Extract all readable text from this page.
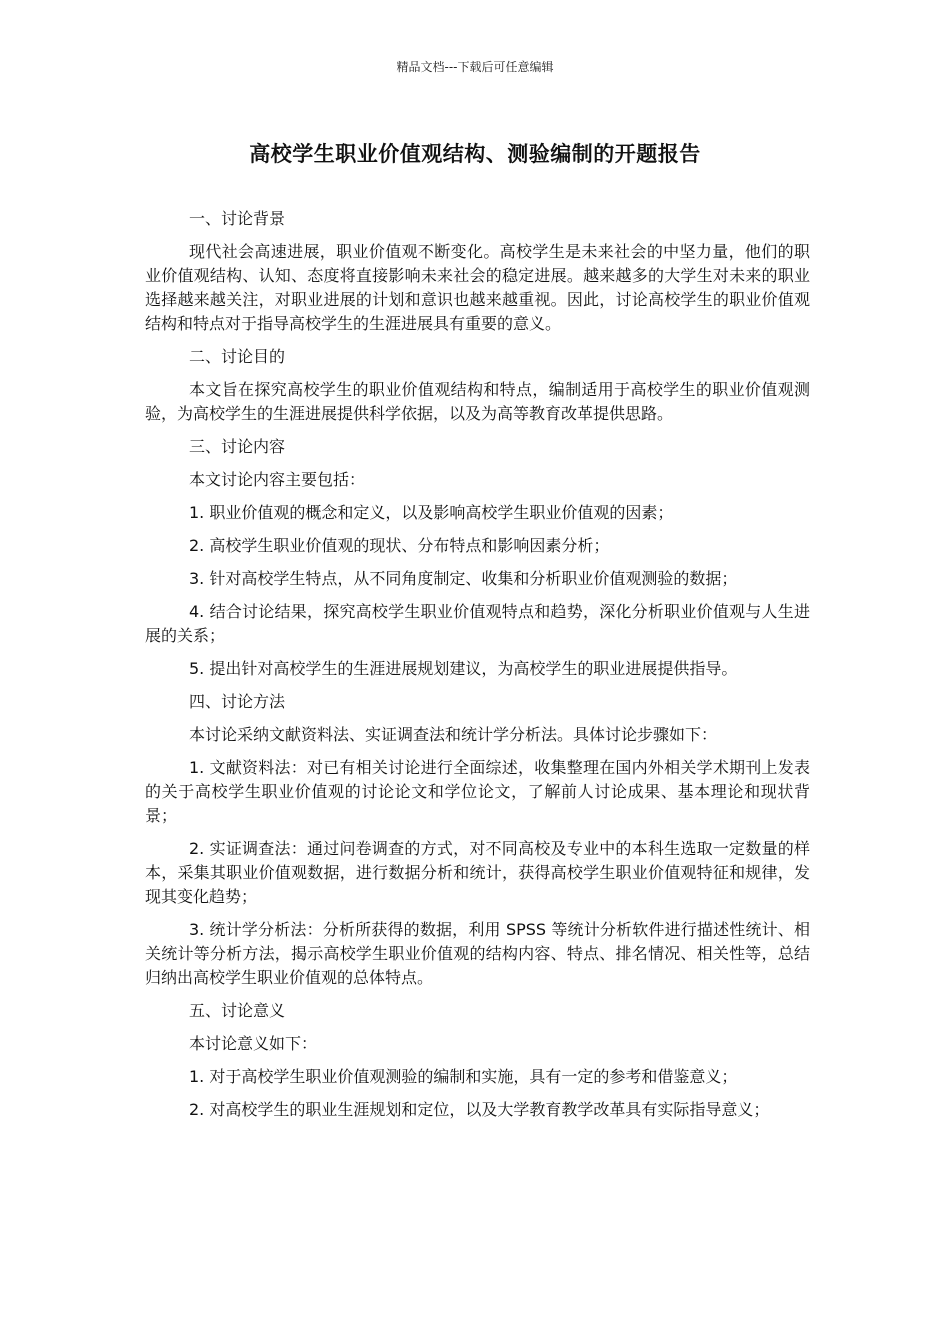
精品文档---下载后可任意编辑
高校学生职业价值观结构、测验编制的开题报告

一、讨论背景

现代社会高速进展，职业价值观不断变化。高校学生是未来社会的中坚力量，他们的职业价值观结构、认知、态度将直接影响未来社会的稳定进展。越来越多的大学生对未来的职业选择越来越关注，对职业进展的计划和意识也越来越重视。因此，讨论高校学生的职业价值观结构和特点对于指导高校学生的生涯进展具有重要的意义。

二、讨论目的

本文旨在探究高校学生的职业价值观结构和特点，编制适用于高校学生的职业价值观测验，为高校学生的生涯进展提供科学依据，以及为高等教育改革提供思路。

三、讨论内容

本文讨论内容主要包括：

1. 职业价值观的概念和定义，以及影响高校学生职业价值观的因素；

2. 高校学生职业价值观的现状、分布特点和影响因素分析；

3. 针对高校学生特点，从不同角度制定、收集和分析职业价值观测验的数据；

4. 结合讨论结果，探究高校学生职业价值观特点和趋势，深化分析职业价值观与人生进展的关系；

5. 提出针对高校学生的生涯进展规划建议，为高校学生的职业进展提供指导。

四、讨论方法

本讨论采纳文献资料法、实证调查法和统计学分析法。具体讨论步骤如下：

1. 文献资料法：对已有相关讨论进行全面综述，收集整理在国内外相关学术期刊上发表的关于高校学生职业价值观的讨论论文和学位论文，了解前人讨论成果、基本理论和现状背景；

2. 实证调查法：通过问卷调查的方式，对不同高校及专业中的本科生选取一定数量的样本，采集其职业价值观数据，进行数据分析和统计，获得高校学生职业价值观特征和规律，发现其变化趋势；

3. 统计学分析法：分析所获得的数据，利用 SPSS 等统计分析软件进行描述性统计、相关统计等分析方法，揭示高校学生职业价值观的结构内容、特点、排名情况、相关性等，总结归纳出高校学生职业价值观的总体特点。

五、讨论意义

本讨论意义如下：

1. 对于高校学生职业价值观测验的编制和实施，具有一定的参考和借鉴意义；

2. 对高校学生的职业生涯规划和定位，以及大学教育教学改革具有实际指导意义；
